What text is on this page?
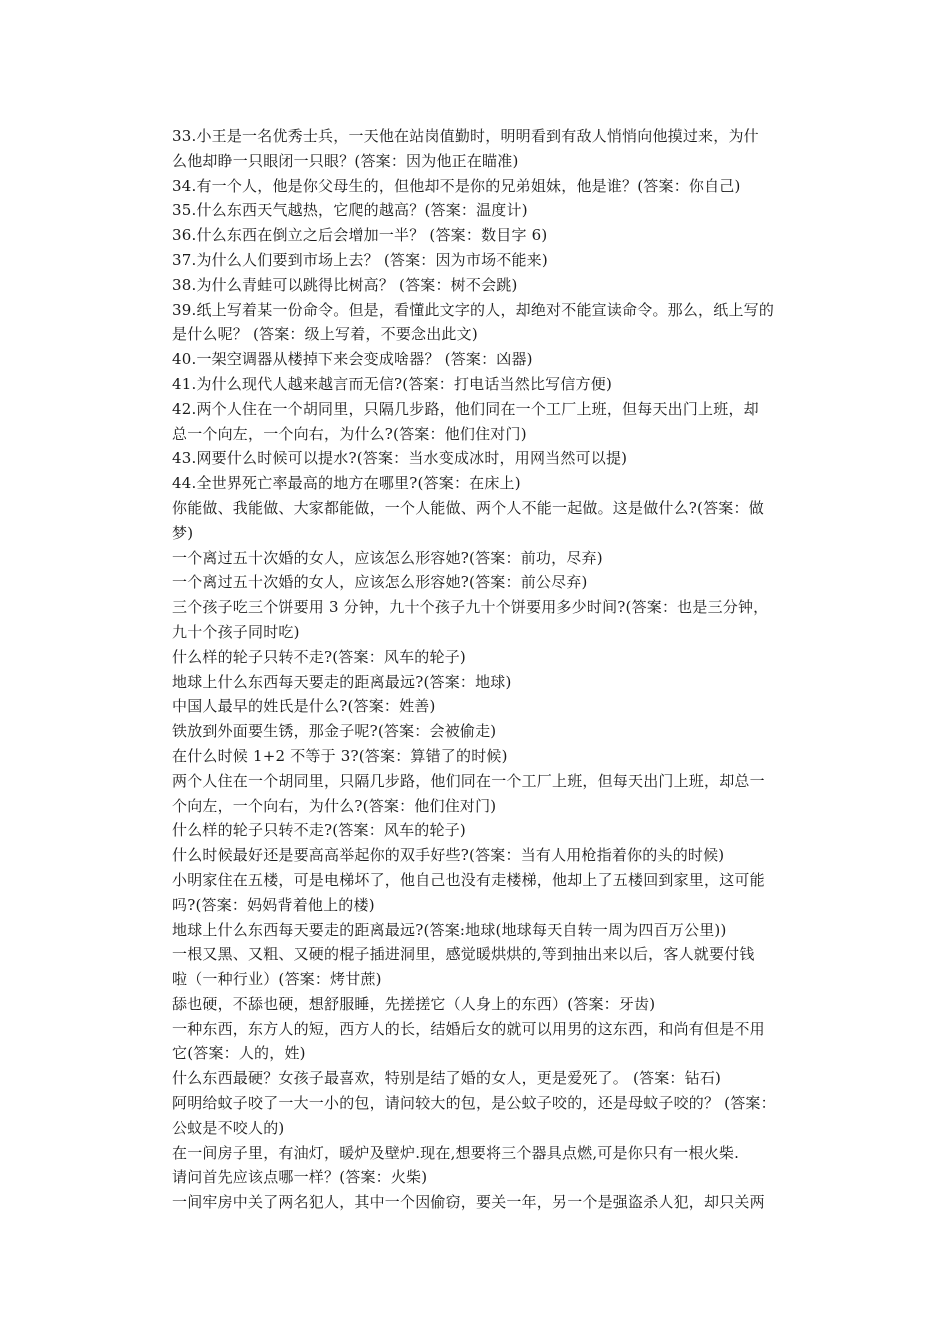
33.小王是一名优秀士兵，一天他在站岗值勤时，明明看到有敌人悄悄向他摸过来，为什
么他却睁一只眼闭一只眼？(答案：因为他正在瞄准)
34.有一个人，他是你父母生的，但他却不是你的兄弟姐妹，他是谁？(答案：你自己)
35.什么东西天气越热，它爬的越高？(答案：温度计)
36.什么东西在倒立之后会增加一半？ (答案：数目字 6)
37.为什么人们要到市场上去？ (答案：因为市场不能来)
38.为什么青蛙可以跳得比树高？ (答案：树不会跳)
39.纸上写着某一份命令。但是，看懂此文字的人，却绝对不能宣读命令。那么，纸上写的
是什么呢？ (答案：级上写着，不要念出此文)
40.一架空调器从楼掉下来会变成啥器？ (答案：凶器)
41.为什么现代人越来越言而无信?(答案：打电话当然比写信方便)
42.两个人住在一个胡同里，只隔几步路，他们同在一个工厂上班，但每天出门上班，却
总一个向左，一个向右，为什么?(答案：他们住对门)
43.网要什么时候可以提水?(答案：当水变成冰时，用网当然可以提)
44.全世界死亡率最高的地方在哪里?(答案：在床上)
你能做、我能做、大家都能做，一个人能做、两个人不能一起做。这是做什么?(答案：做
梦)
一个离过五十次婚的女人，应该怎么形容她?(答案：前功，尽弃)
一个离过五十次婚的女人，应该怎么形容她?(答案：前公尽弃)
三个孩子吃三个饼要用 3 分钟，九十个孩子九十个饼要用多少时间?(答案：也是三分钟，
九十个孩子同时吃)
什么样的轮子只转不走?(答案：风车的轮子)
地球上什么东西每天要走的距离最远?(答案：地球)
中国人最早的姓氏是什么?(答案：姓善)
铁放到外面要生锈，那金子呢?(答案：会被偷走)
在什么时候 1+2 不等于 3?(答案：算错了的时候)
两个人住在一个胡同里，只隔几步路，他们同在一个工厂上班，但每天出门上班，却总一
个向左，一个向右，为什么?(答案：他们住对门)
什么样的轮子只转不走?(答案：风车的轮子)
什么时候最好还是要高高举起你的双手好些?(答案：当有人用枪指着你的头的时候)
小明家住在五楼，可是电梯坏了，他自己也没有走楼梯，他却上了五楼回到家里，这可能
吗?(答案：妈妈背着他上的楼)
地球上什么东西每天要走的距离最远?(答案:地球(地球每天自转一周为四百万公里))
一根又黑、又粗、又硬的棍子插进洞里，感觉暖烘烘的,等到抽出来以后，客人就要付钱
啦（一种行业）(答案：烤甘蔗)
舔也硬，不舔也硬，想舒服睡，先搓搓它（人身上的东西）(答案：牙齿)
一种东西，东方人的短，西方人的长，结婚后女的就可以用男的这东西，和尚有但是不用
它(答案：人的，姓)
什么东西最硬？女孩子最喜欢，特别是结了婚的女人，更是爱死了。 (答案：钻石)
阿明给蚊子咬了一大一小的包，请问较大的包，是公蚊子咬的，还是母蚊子咬的？ (答案：
公蚊是不咬人的)
在一间房子里，有油灯，暖炉及壁炉.现在,想要将三个器具点燃,可是你只有一根火柴.
请问首先应该点哪一样？(答案：火柴)
一间牢房中关了两名犯人，其中一个因偷窃，要关一年，另一个是强盗杀人犯，却只关两
